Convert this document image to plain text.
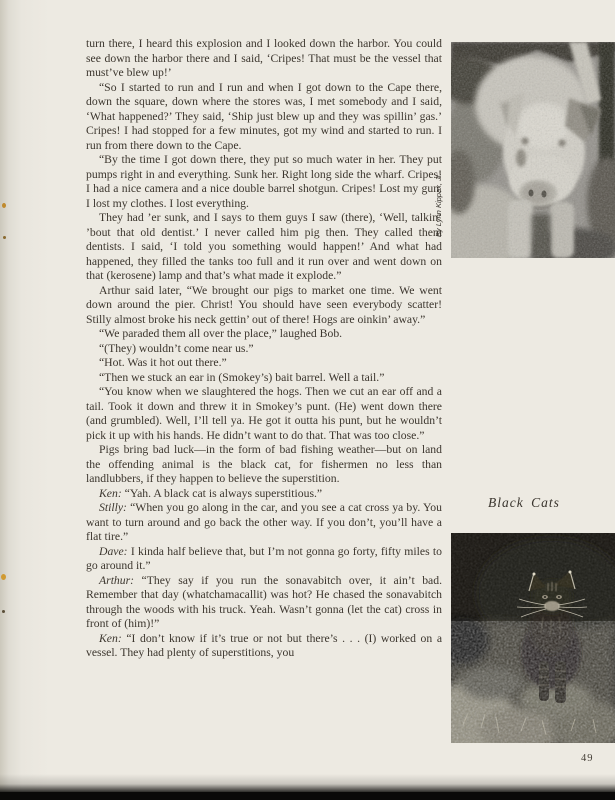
turn there, I heard this explosion and I looked down the harbor. You could see down the harbor there and I said, ‘Cripes! That must be the vessel that must’ve blew up!’

“So I started to run and I run and when I got down to the Cape there, down the square, down where the stores was, I met somebody and I said, ‘What happened?’ They said, ‘Ship just blew up and they was spillin’ gas.’ Cripes! I had stopped for a few minutes, got my wind and started to run. I run from there down to the Cape.

“By the time I got down there, they put so much water in her. They put pumps right in and everything. Sunk her. Right long side the wharf. Cripes! I had a nice camera and a nice double barrel shotgun. Cripes! Lost my gun. I lost my clothes. I lost everything.

They had ’er sunk, and I says to them guys I saw (there), ‘Well, talkin’ ’bout that old dentist.’ I never called him pig then. They called them dentists. I said, ‘I told you something would happen!’ And what had happened, they filled the tanks too full and it run over and went down on that (kerosene) lamp and that’s what made it explode.”

Arthur said later, “We brought our pigs to market one time. We went down around the pier. Christ! You should have seen everybody scatter! Stilly almost broke his neck gettin’ out of there! Hogs are oinkin’ away.”

“We paraded them all over the place,” laughed Bob.

“(They) wouldn’t come near us.”

“Hot. Was it hot out there.”

“Then we stuck an ear in (Smokey’s) bait barrel. Well a tail.”

“You know when we slaughtered the hogs. Then we cut an ear off and a tail. Took it down and threw it in Smokey’s punt. (He) went down there (and grumbled). Well, I’ll tell ya. He got it outta his punt, but he wouldn’t pick it up with his hands. He didn’t want to do that. That was too close.”

Pigs bring bad luck—in the form of bad fishing weather—but on land the offending animal is the black cat, for fishermen no less than landlubbers, if they happen to believe the superstition.

Ken: “Yah. A black cat is always superstitious.”

Stilly: “When you go along in the car, and you see a cat cross ya by. You want to turn around and go back the other way. If you don’t, you’ll have a flat tire.”

Dave: I kinda half believe that, but I’m not gonna go forty, fifty miles to go around it.”

Arthur: “They say if you run the sonavabitch over, it ain’t bad. Remember that day (whatchamacallit) was hot? He chased the sonavabitch through the woods with his truck. Yeah. Wasn’t gonna (let the cat) cross in front of (him)!”

Ken: “I don’t know if it’s true or not but there’s . . . (I) worked on a vessel. They had plenty of superstitions, you

By Lynn Kippax, Jr.
Black Cats
49
